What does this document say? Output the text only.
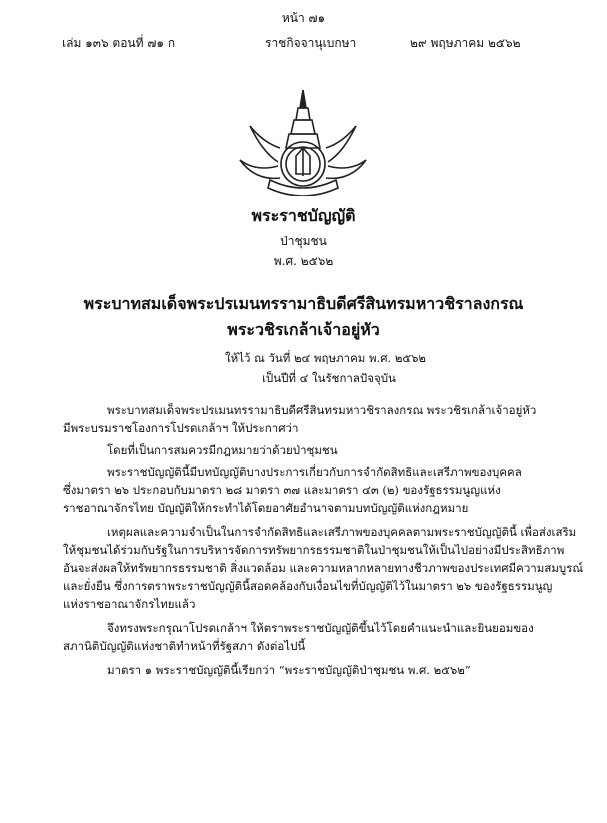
หน้า ๗๑
เล่ม ๑๓๖ ตอนที่ ๗๑ ก	ราชกิจจานุเบกษา	๒๙ พฤษภาคม ๒๕๖๒
พระราชบัญญัติ
ป่าชุมชน
พ.ศ. ๒๕๖๒
พระบาทสมเด็จพระปรเมนทรรามาธิบดีศรีสินทรมหาวชิราลงกรณ
พระวชิรเกล้าเจ้าอยู่หัว
ให้ไว้ ณ วันที่ ๒๔ พฤษภาคม พ.ศ. ๒๕๖๒
เป็นปีที่ ๔ ในรัชกาลปัจจุบัน
พระบาทสมเด็จพระปรเมนทรรามาธิบดีศรีสินทรมหาวชิราลงกรณ พระวชิรเกล้าเจ้าอยู่หัว
มีพระบรมราชโองการโปรดเกล้าฯ ให้ประกาศว่า
โดยที่เป็นการสมควรมีกฎหมายว่าด้วยป่าชุมชน
พระราชบัญญัตินี้มีบทบัญญัติบางประการเกี่ยวกับการจำกัดสิทธิและเสรีภาพของบุคคล
ซึ่งมาตรา ๒๖ ประกอบกับมาตรา ๒๘ มาตรา ๓๗ และมาตรา ๔๓ (๒) ของรัฐธรรมนูญแห่ง
ราชอาณาจักรไทย บัญญัติให้กระทำได้โดยอาศัยอำนาจตามบทบัญญัติแห่งกฎหมาย
เหตุผลและความจำเป็นในการจำกัดสิทธิและเสรีภาพของบุคคลตามพระราชบัญญัตินี้ เพื่อส่งเสริม
ให้ชุมชนได้ร่วมกับรัฐในการบริหารจัดการทรัพยากรธรรมชาติในป่าชุมชนให้เป็นไปอย่างมีประสิทธิภาพ
อันจะส่งผลให้ทรัพยากรธรรมชาติ สิ่งแวดล้อม และความหลากหลายทางชีวภาพของประเทศมีความสมบูรณ์
และยั่งยืน ซึ่งการตราพระราชบัญญัตินี้สอดคล้องกับเงื่อนไขที่บัญญัติไว้ในมาตรา ๒๖ ของรัฐธรรมนูญ
แห่งราชอาณาจักรไทยแล้ว
จึงทรงพระกรุณาโปรดเกล้าฯ ให้ตราพระราชบัญญัติขึ้นไว้โดยคำแนะนำและยินยอมของ
สภานิติบัญญัติแห่งชาติทำหน้าที่รัฐสภา ดังต่อไปนี้
มาตรา ๑ พระราชบัญญัตินี้เรียกว่า “พระราชบัญญัติป่าชุมชน พ.ศ. ๒๕๖๒”
